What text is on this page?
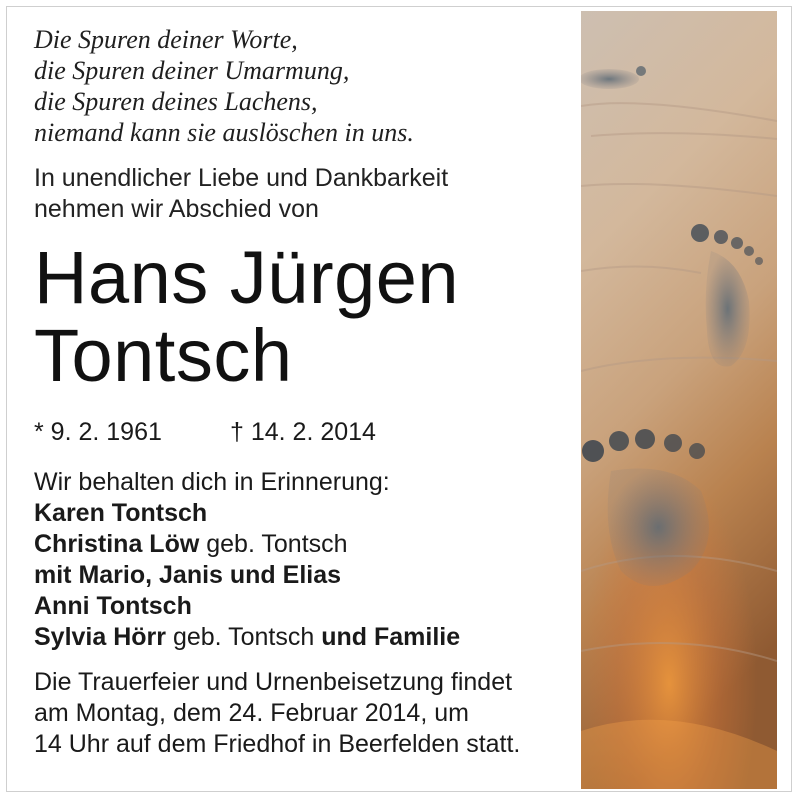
Die Spuren deiner Worte,
die Spuren deiner Umarmung,
die Spuren deines Lachens,
niemand kann sie auslöschen in uns.
In unendlicher Liebe und Dankbarkeit
nehmen wir Abschied von
Hans Jürgen
Tontsch
* 9. 2. 1961	† 14. 2. 2014
Wir behalten dich in Erinnerung:
Karen Tontsch
Christina Löw geb. Tontsch
mit Mario, Janis und Elias
Anni Tontsch
Sylvia Hörr geb. Tontsch und Familie
Die Trauerfeier und Urnenbeisetzung findet
am Montag, dem 24. Februar 2014, um
14 Uhr auf dem Friedhof in Beerfelden statt.
